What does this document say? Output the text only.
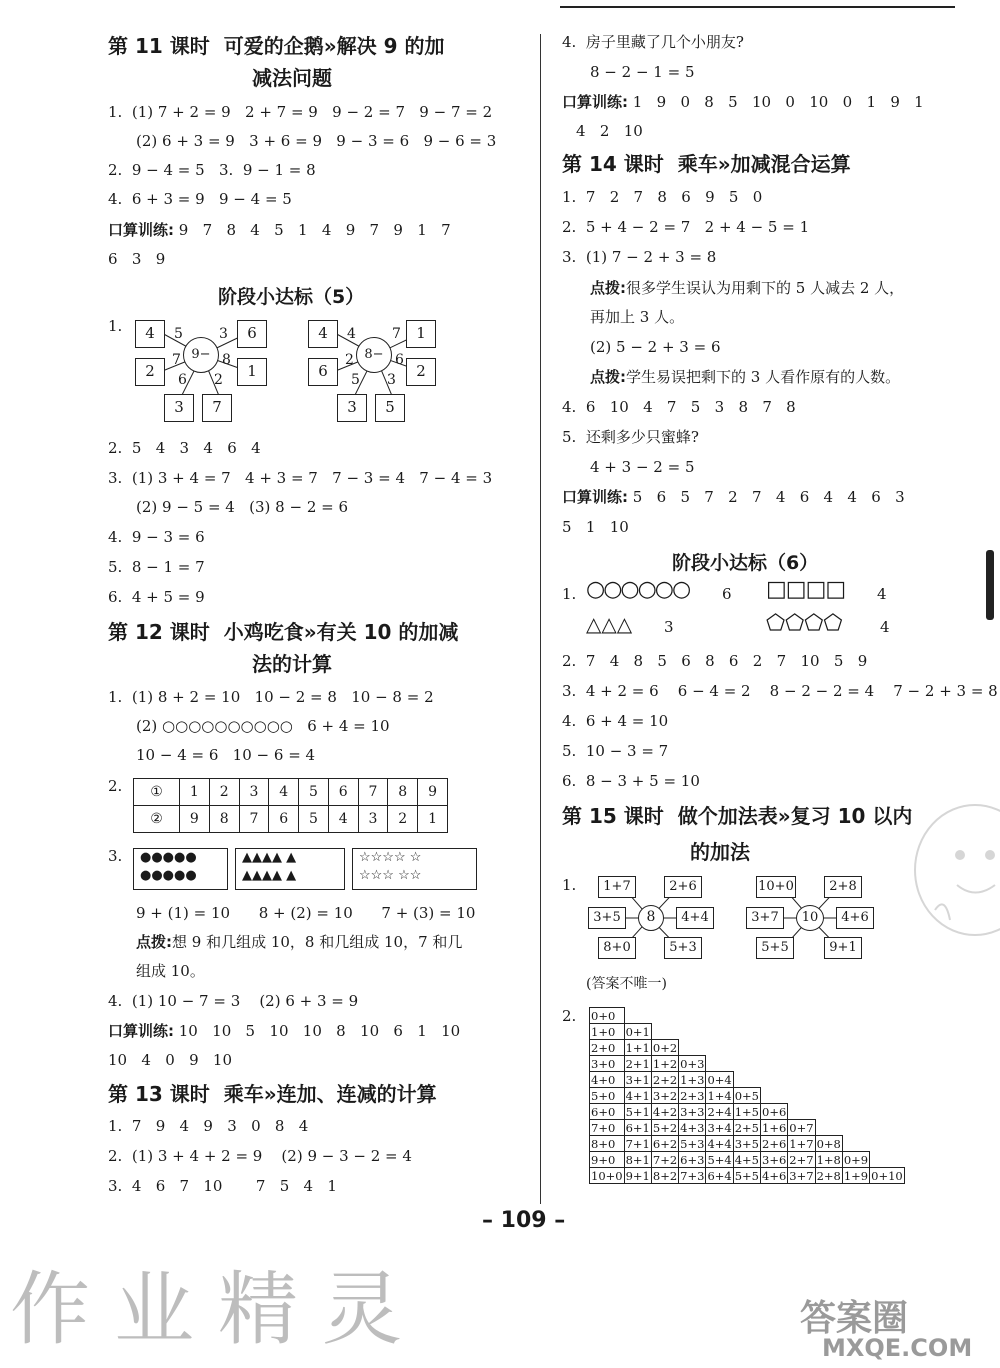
第 11 课时 可爱的企鹅»解决 9 的加
减法问题
1.  (1) 7 + 2 = 9   2 + 7 = 9   9 − 2 = 7   9 − 7 = 2
(2) 6 + 3 = 9   3 + 6 = 9   9 − 3 = 6   9 − 6 = 3
2.  9 − 4 = 5   3.  9 − 1 = 8
4.  6 + 3 = 9   9 − 4 = 5
口算训练: 9   7   8   4   5   1   4   9   7   9   1   7
6   3   9
阶段小达标（5）
1.
9−
4	6
2	1
3	7
5	3
7	8
6 2
8−
4	1
6	2
3	5
4	7
2	6
5 3
2.  5   4   3   4   6   4
3.  (1) 3 + 4 = 7   4 + 3 = 7   7 − 3 = 4   7 − 4 = 3
(2) 9 − 5 = 4   (3) 8 − 2 = 6
4.  9 − 3 = 6
5.  8 − 1 = 7
6.  4 + 5 = 9
第 12 课时 小鸡吃食»有关 10 的加减
法的计算
1.  (1) 8 + 2 = 10   10 − 2 = 8   10 − 8 = 2
(2) ○○○○○○○○○○   6 + 4 = 10
10 − 4 = 6   10 − 6 = 4
2. ①	1	2	3	4	5	6	7	8	9
②	9	8	7	6	5	4	3	2	1
3. ●●●●●
●●●●●
▲▲▲▲ ▲
▲▲▲▲ ▲
☆☆☆☆ ☆
☆☆☆ ☆☆
9 + (1) = 10      8 + (2) = 10      7 + (3) = 10
点拨:想 9 和几组成 10，8 和几组成 10，7 和几
组成 10。
4.  (1) 10 − 7 = 3    (2) 6 + 3 = 9
口算训练: 10   10   5   10   10   8   10   6   1   10
10   4   0   9   10
第 13 课时 乘车»连加、连减的计算
1.  7   9   4   9   3   0   8   4
2.  (1) 3 + 4 + 2 = 9    (2) 9 − 3 − 2 = 4
3.  4   6   7   10       7   5   4   1
4.  房子里藏了几个小朋友?
8 − 2 − 1 = 5
口算训练: 1   9   0   8   5   10   0   10   0   1   9   1
4   2   10
第 14 课时 乘车»加减混合运算
1.  7   2   7   8   6   9   5   0
2.  5 + 4 − 2 = 7   2 + 4 − 5 = 1
3.  (1) 7 − 2 + 3 = 8
点拨:很多学生误认为用剩下的 5 人减去 2 人，
再加上 3 人。
(2) 5 − 2 + 3 = 6
点拨:学生易误把剩下的 3 人看作原有的人数。
4.  6   10   4   7   5   3   8   7   8
5.  还剩多少只蜜蜂?
4 + 3 − 2 = 5
口算训练: 5   6   5   7   2   7   4   6   4   4   6   3
5   1   10
阶段小达标（6）
1. ○○○○○○ 6 □□□□ 4
△△△ 3	⬠⬠⬠⬠	4
2.  7   4   8   5   6   8   6   2   7   10   5   9
3.  4 + 2 = 6    6 − 4 = 2    8 − 2 − 2 = 4    7 − 2 + 3 = 8
4.  6 + 4 = 10
5.  10 − 3 = 7
6.  8 − 3 + 5 = 10
第 15 课时 做个加法表»复习 10 以内
的加法
1.
8
1+7	2+6
3+5	4+4
8+0	5+3
10
10+0	2+8
3+7	4+6
5+5	9+1
(答案不唯一)
2. 0+0										
1+0	0+1									
2+0	1+1	0+2								
3+0	2+1	1+2	0+3							
4+0	3+1	2+2	1+3	0+4						
5+0	4+1	3+2	2+3	1+4	0+5					
6+0	5+1	4+2	3+3	2+4	1+5	0+6				
7+0	6+1	5+2	4+3	3+4	2+5	1+6	0+7			
8+0	7+1	6+2	5+3	4+4	3+5	2+6	1+7	0+8		
9+0	8+1	7+2	6+3	5+4	4+5	3+6	2+7	1+8	0+9	
10+0	9+1	8+2	7+3	6+4	5+5	4+6	3+7	2+8	1+9	0+10
– 109 –
作业精灵	答案圈
MXQE.COM
